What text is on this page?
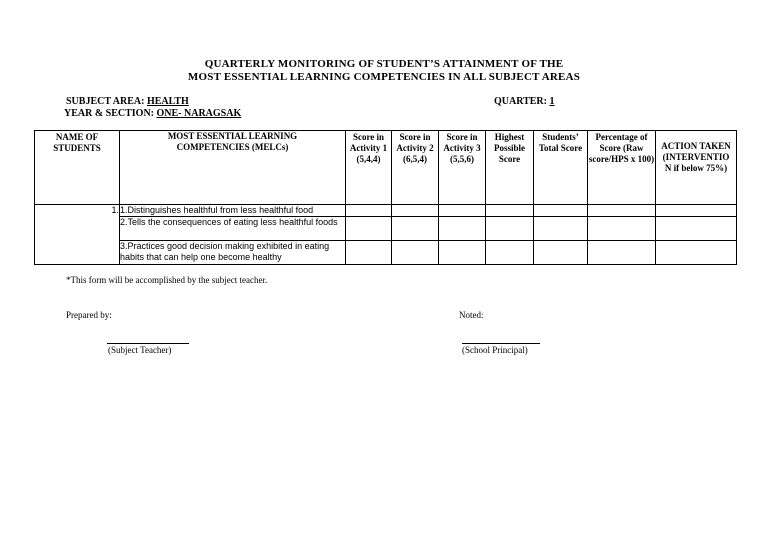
QUARTERLY MONITORING OF STUDENT’S ATTAINMENT OF THE
MOST ESSENTIAL LEARNING COMPETENCIES IN ALL SUBJECT AREAS
SUBJECT AREA: HEALTH
YEAR & SECTION: ONE- NARAGSAK
QUARTER: 1
NAME OF STUDENTS	MOST ESSENTIAL LEARNING COMPETENCIES (MELCs)	Score in Activity 1 (5,4,4)	Score in Activity 2 (6,5,4)	Score in Activity 3 (5,5,6)	Highest Possible Score	Students’ Total Score	Percentage of Score (Raw score/HPS x 100)	ACTION TAKEN (INTERVENTION if below 75%)

1.	1.Distinguishes healthful from less healthful food							
	2.Tells the consequences of eating less healthful foods							
	3.Practices good decision making exhibited in eating habits that can help one become healthy							
*This form will be accomplished by the subject teacher.
Prepared by:	Noted:
(Subject Teacher)	(School Principal)
